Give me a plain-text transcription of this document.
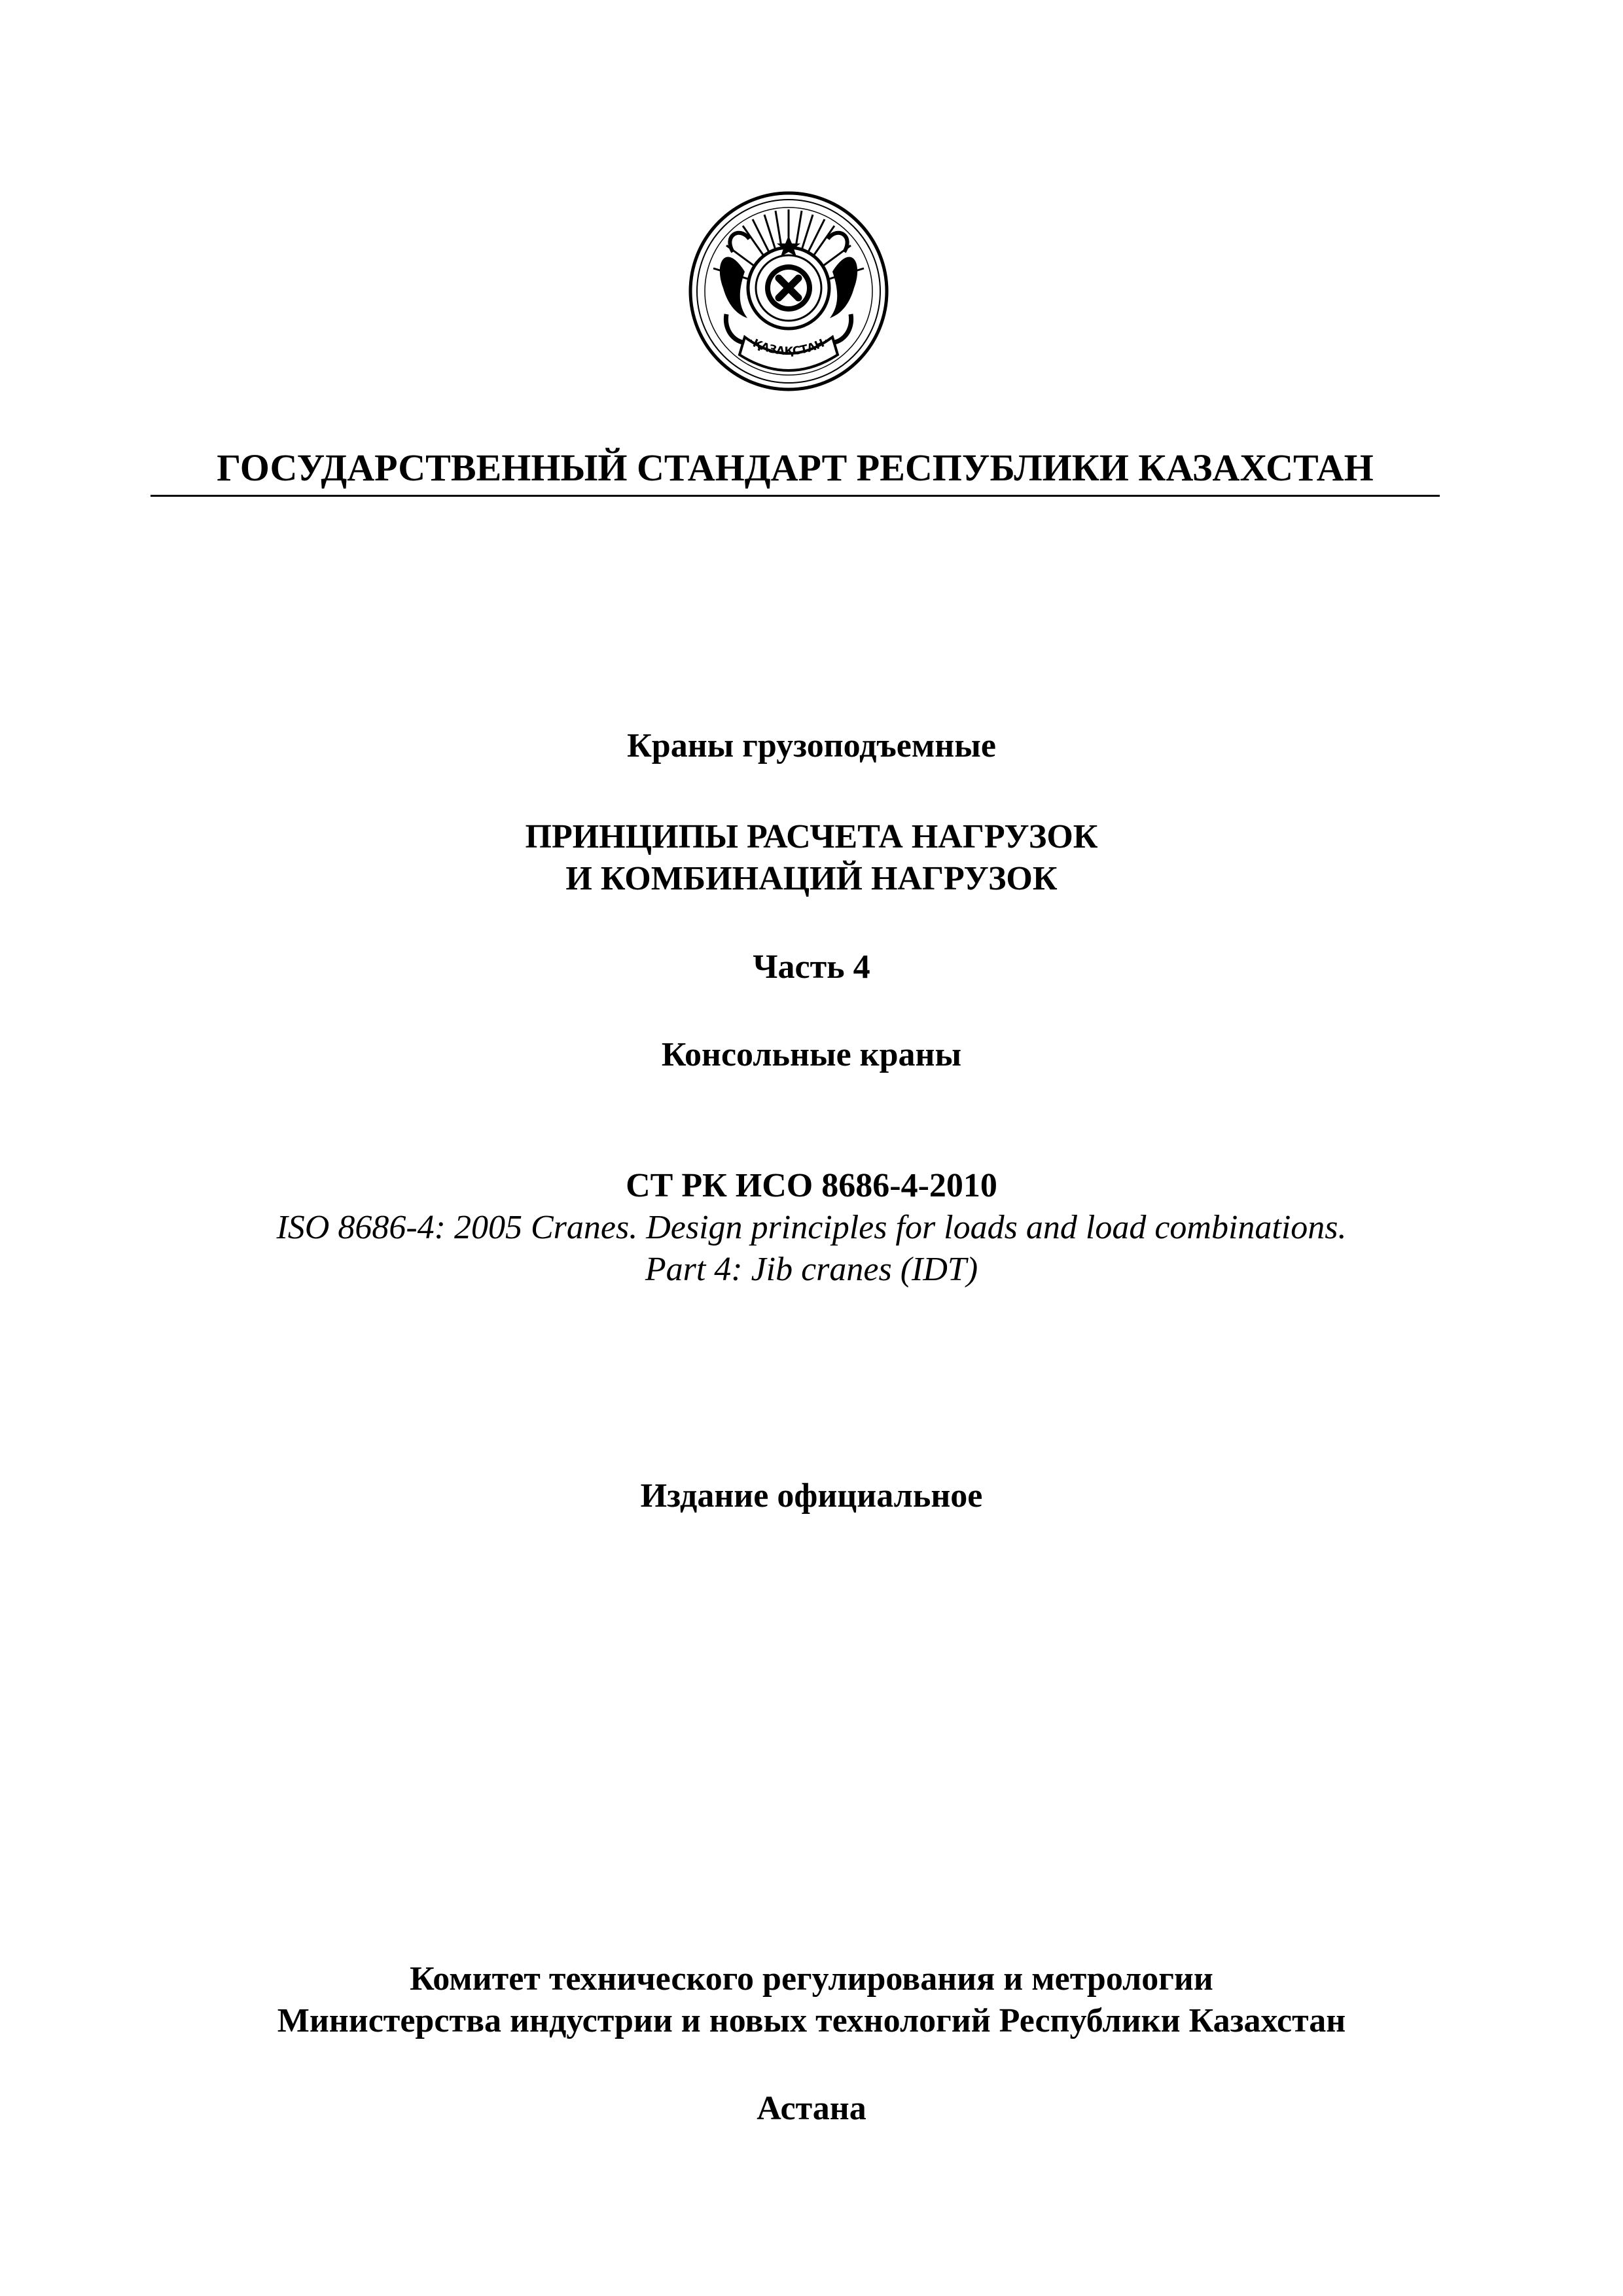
ҚАЗАҚСТАН
ГОСУДАРСТВЕННЫЙ СТАНДАРТ РЕСПУБЛИКИ КАЗАХСТАН
Краны грузоподъемные
ПРИНЦИПЫ РАСЧЕТА НАГРУЗОК
И КОМБИНАЦИЙ НАГРУЗОК
Часть 4
Консольные краны
СТ РК ИСО 8686-4-2010
ISO 8686-4: 2005 Cranes. Design principles for loads and load combinations.
Part 4: Jib cranes (IDT)
Издание официальное
Комитет технического регулирования и метрологии
Министерства индустрии и новых технологий Республики Казахстан
Астана
